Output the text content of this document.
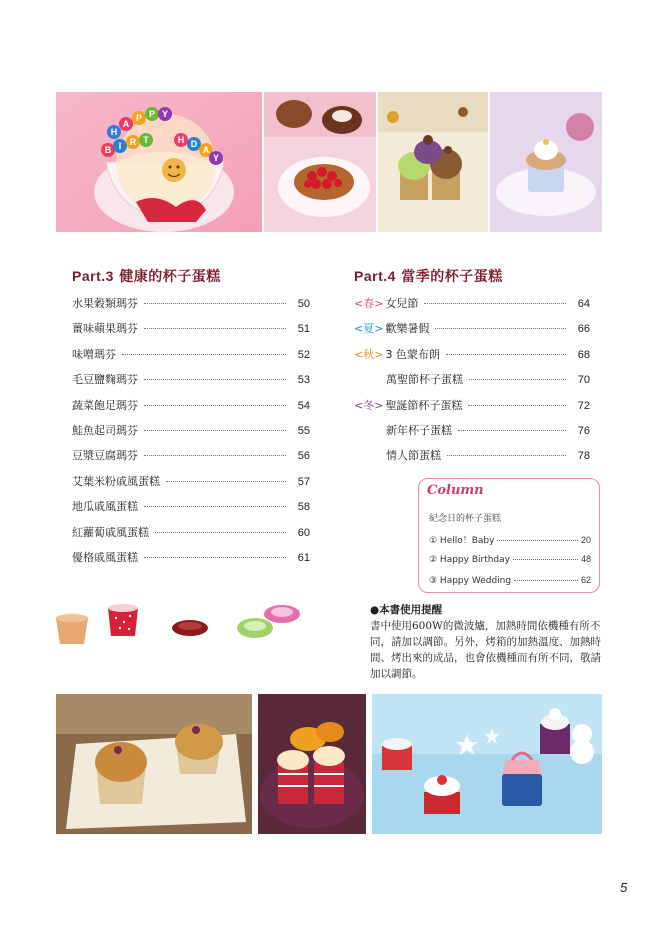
H
A
P P Y
B I R T	H D
A
Y
Part.3 健康的杯子蛋糕
水果穀類瑪芬	50
薑味蘋果瑪芬	51
味噌瑪芬	52
毛豆鹽麴瑪芬	53
蔬菜飽足瑪芬	54
鮭魚起司瑪芬	55
豆漿豆腐瑪芬	56
艾葉米粉戚風蛋糕	57
地瓜戚風蛋糕	58
紅蘿蔔戚風蛋糕	60
優格戚風蛋糕	61
Part.4 當季的杯子蛋糕
<春> 女兒節	64
<夏> 歡樂暑假	66
<秋> 3 色蒙布朗	68
萬聖節杯子蛋糕	70
<冬> 聖誕節杯子蛋糕	72
新年杯子蛋糕	76
情人節蛋糕	78
Column
紀念日的杯子蛋糕
① Hello！Baby	20
② Happy Birthday	48
③ Happy Wedding	62
●本書使用提醒
書中使用600W的微波爐，加熱時間依機種有所不同，請加以調節。另外，烤箱的加熱溫度、加熱時間、烤出來的成品，也會依機種而有所不同，敬請加以調節。
5
